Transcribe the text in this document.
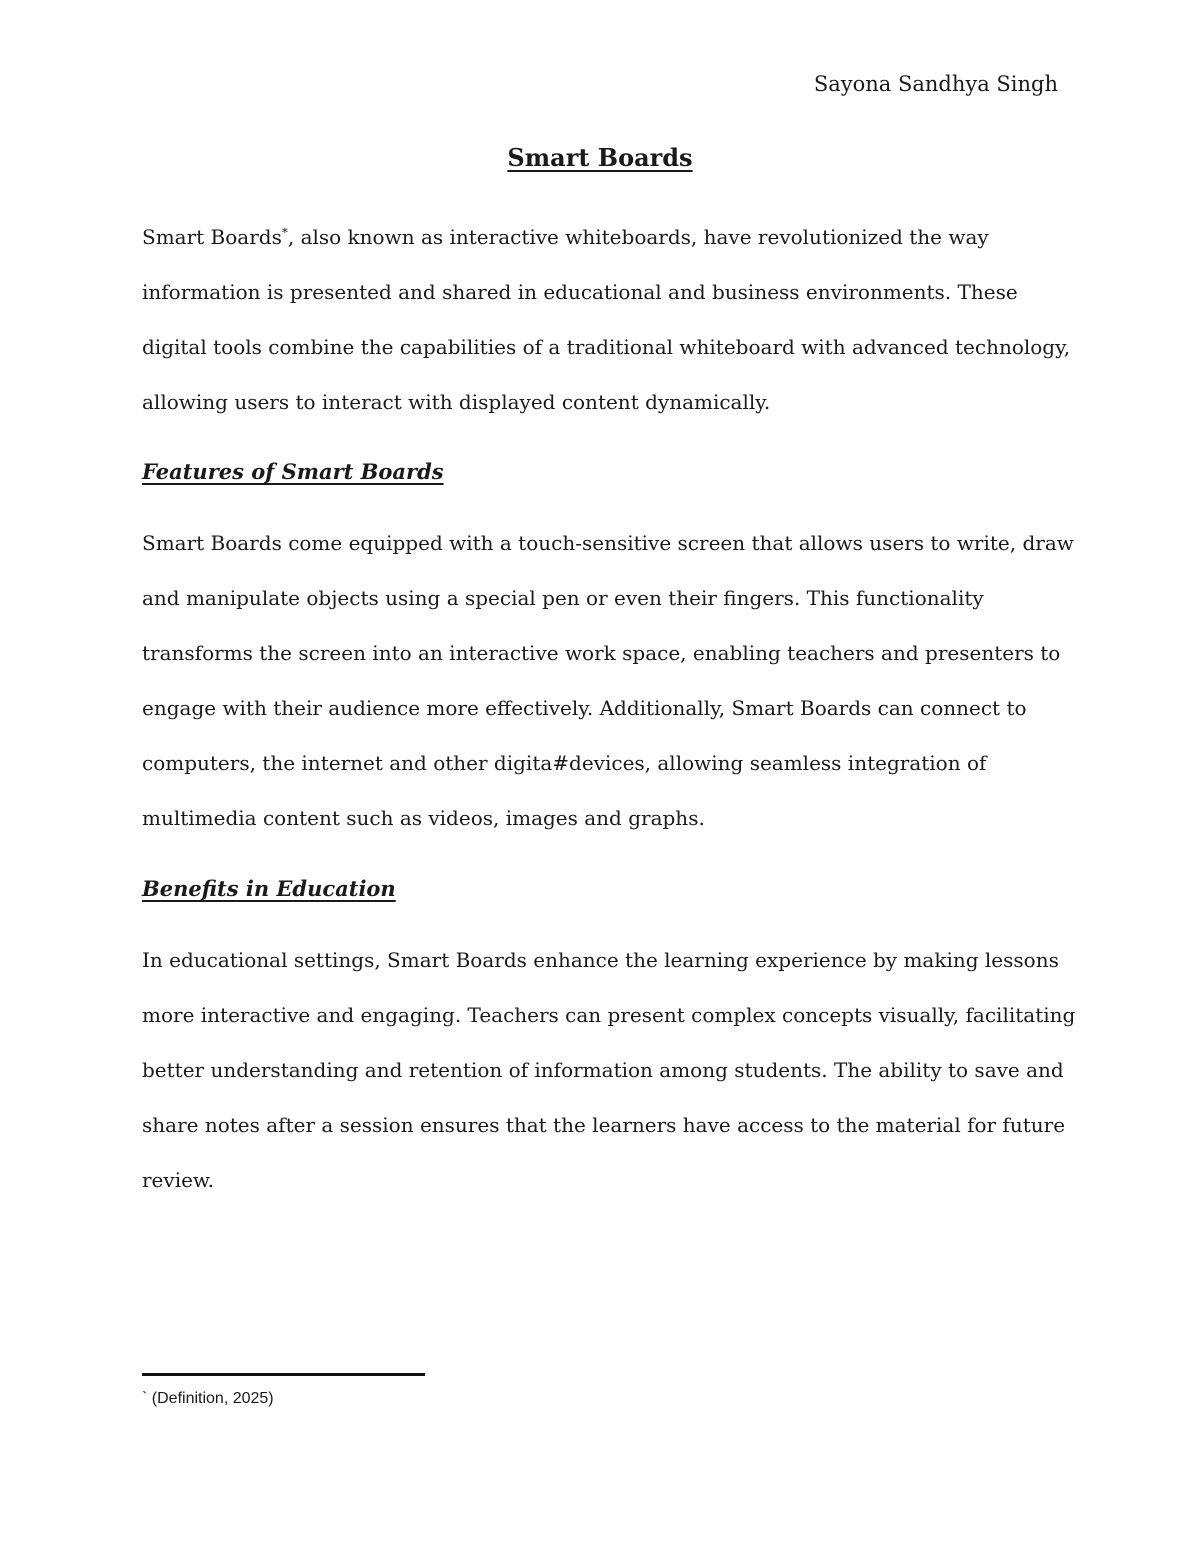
Sayona Sandhya Singh
Smart Boards
Smart Boards*, also known as interactive whiteboards, have revolutionized the way
information is presented and shared in educational and business environments. These
digital tools combine the capabilities of a traditional whiteboard with advanced technology,
allowing users to interact with displayed content dynamically.
Features of Smart Boards
Smart Boards come equipped with a touch-sensitive screen that allows users to write, draw
and manipulate objects using a special pen or even their fingers. This functionality
transforms the screen into an interactive work space, enabling teachers and presenters to
engage with their audience more effectively. Additionally, Smart Boards can connect to
computers, the internet and other digita#devices, allowing seamless integration of
multimedia content such as videos, images and graphs.
Benefits in Education
In educational settings, Smart Boards enhance the learning experience by making lessons
more interactive and engaging. Teachers can present complex concepts visually, facilitating
better understanding and retention of information among students. The ability to save and
share notes after a session ensures that the learners have access to the material for future
review.
` (Definition, 2025)
